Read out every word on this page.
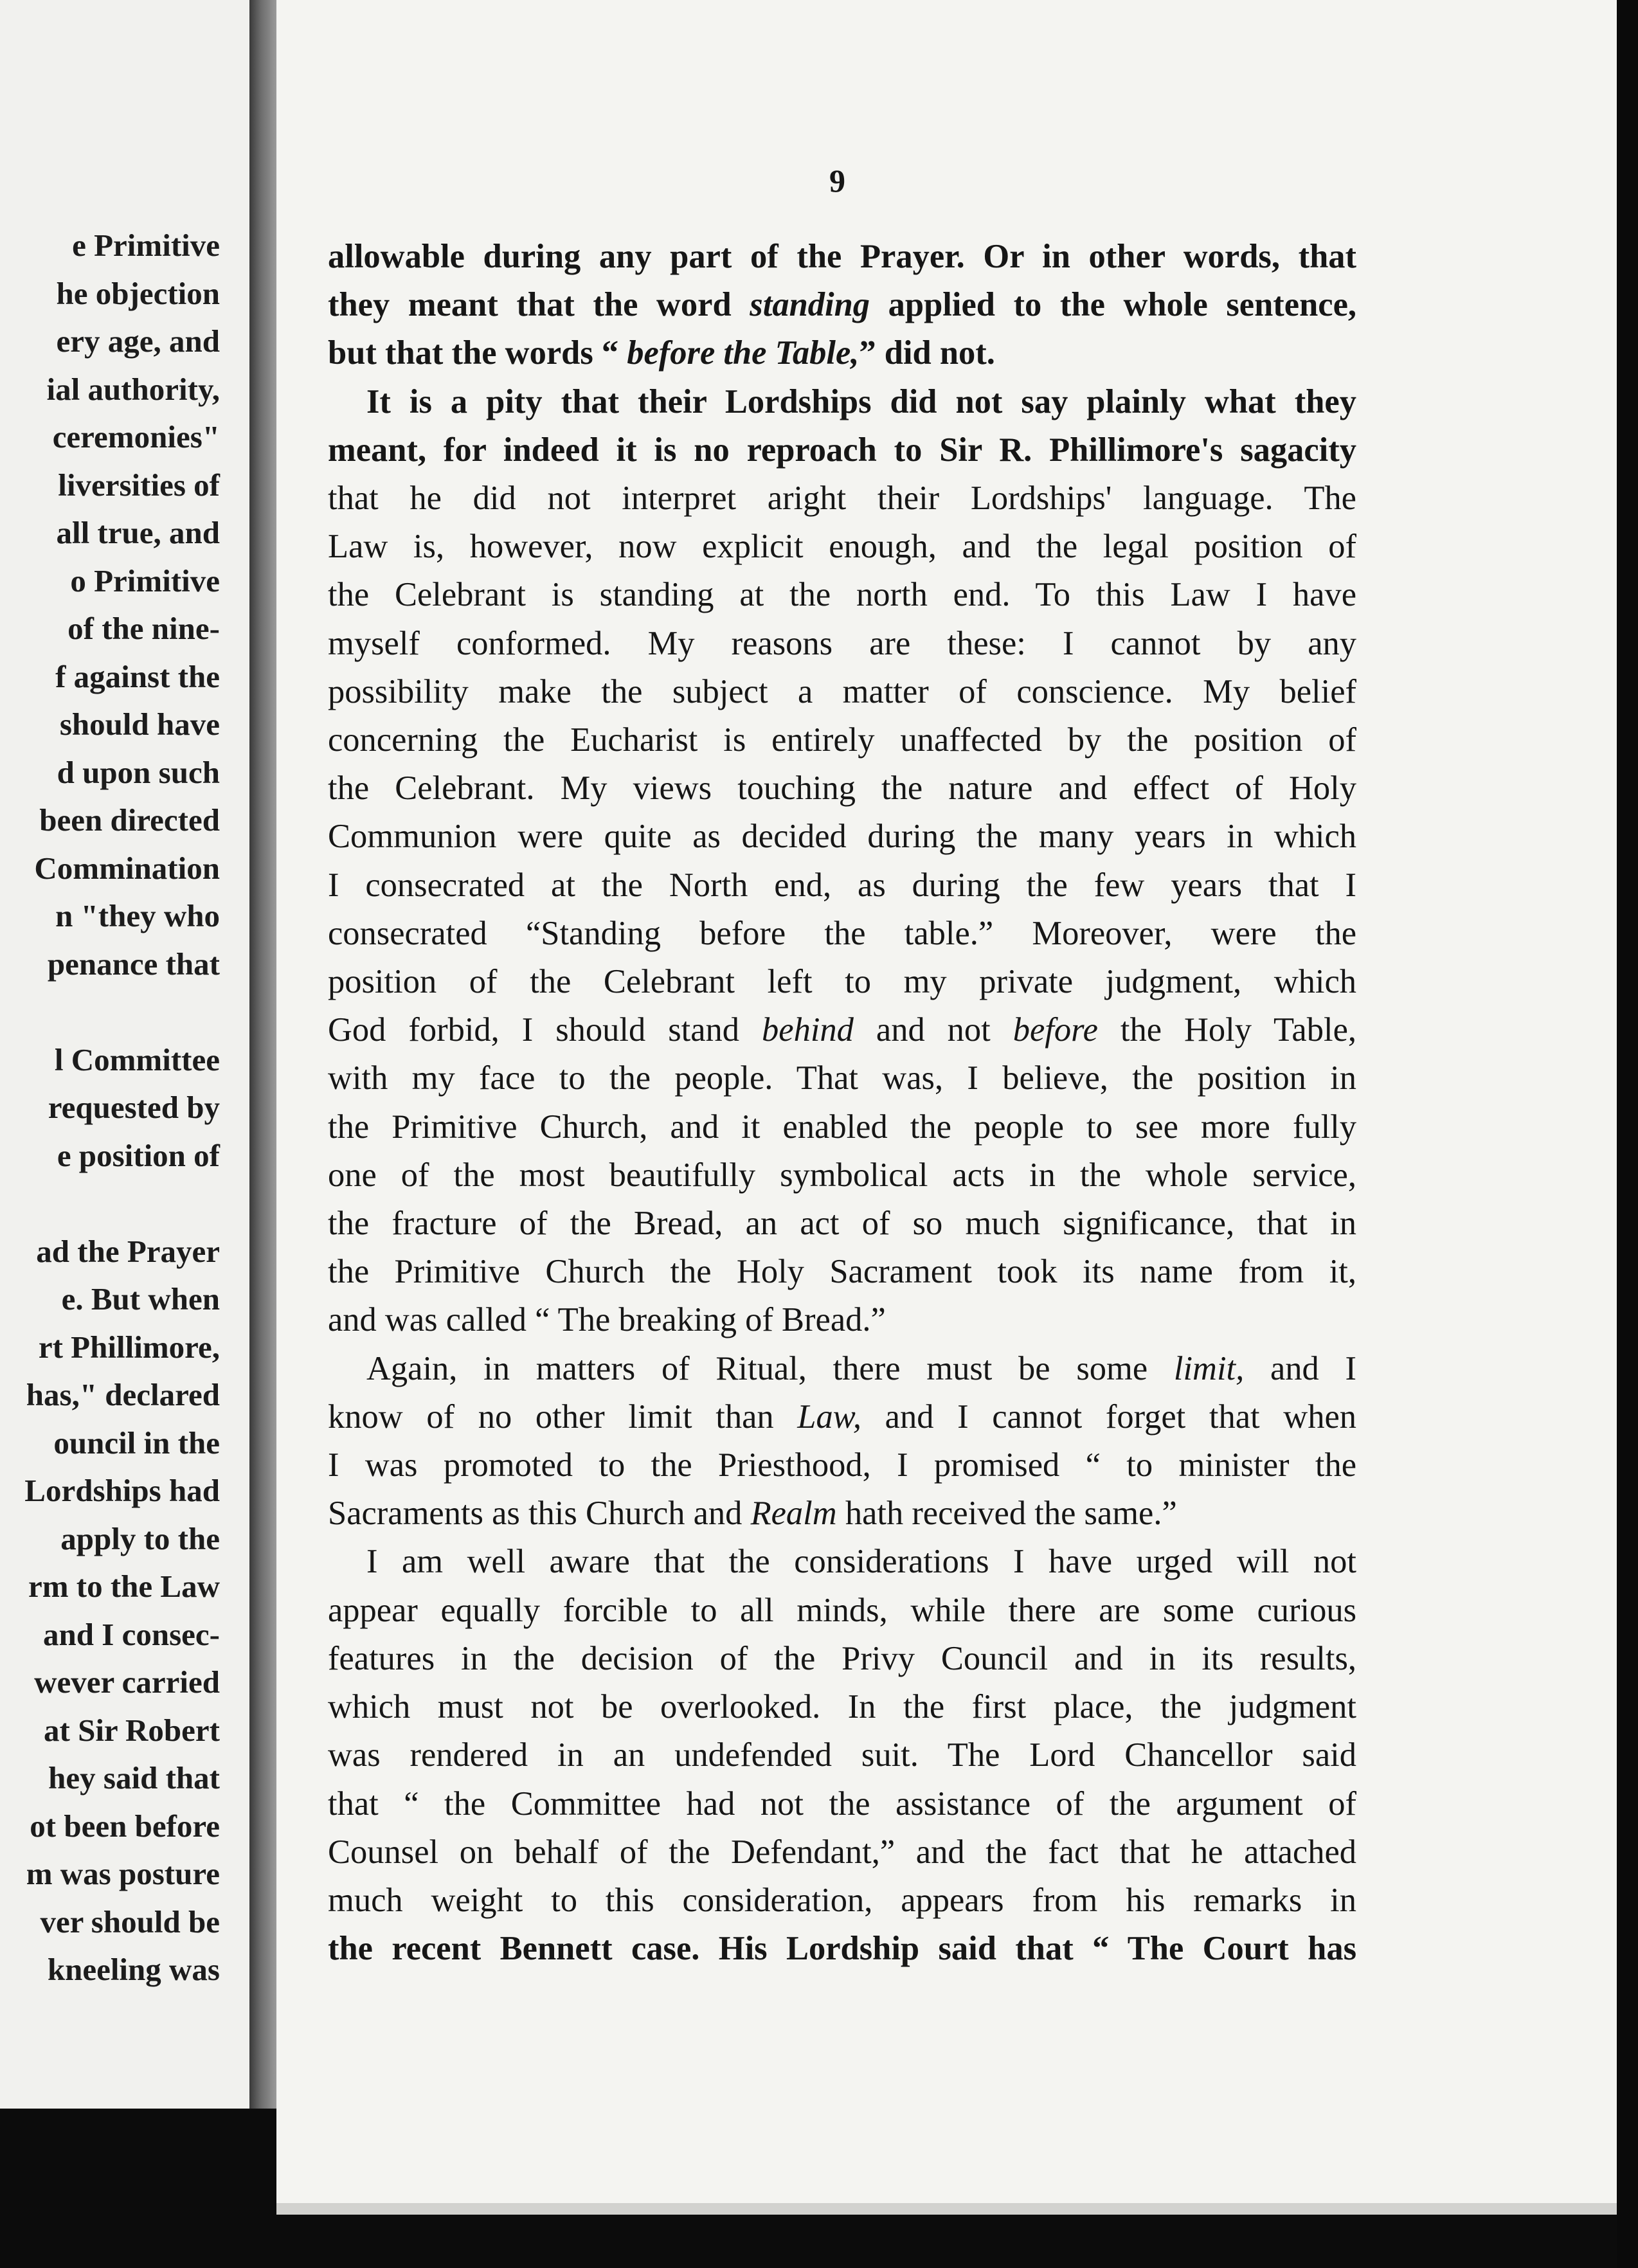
e Primitive
he objection
ery age, and
ial authority,
ceremonies"
liversities of
all true, and
o Primitive
of the nine-
f against the
should have
d upon such
been directed
Commination
n "they who
penance that

l Committee
requested by
e position of

ad the Prayer
e. But when
rt Phillimore,
has," declared
ouncil in the
Lordships had
apply to the
rm to the Law
and I consec-
wever carried
at Sir Robert
hey said that
ot been before
m was posture
ver should be
kneeling was
9
allowable during any part of the Prayer. Or in other words, that
they meant that the word standing applied to the whole sentence,
but that the words “ before the Table,” did not.
It is a pity that their Lordships did not say plainly what they
meant, for indeed it is no reproach to Sir R. Phillimore's sagacity
that he did not interpret aright their Lordships' language. The
Law is, however, now explicit enough, and the legal position of
the Celebrant is standing at the north end. To this Law I have
myself conformed. My reasons are these: I cannot by any
possibility make the subject a matter of conscience. My belief
concerning the Eucharist is entirely unaffected by the position of
the Celebrant. My views touching the nature and effect of Holy
Communion were quite as decided during the many years in which
I consecrated at the North end, as during the few years that I
consecrated “Standing before the table.” Moreover, were the
position of the Celebrant left to my private judgment, which
God forbid, I should stand behind and not before the Holy Table,
with my face to the people. That was, I believe, the position in
the Primitive Church, and it enabled the people to see more fully
one of the most beautifully symbolical acts in the whole service,
the fracture of the Bread, an act of so much significance, that in
the Primitive Church the Holy Sacrament took its name from it,
and was called “ The breaking of Bread.”
Again, in matters of Ritual, there must be some limit, and I
know of no other limit than Law, and I cannot forget that when
I was promoted to the Priesthood, I promised “ to minister the
Sacraments as this Church and Realm hath received the same.”
I am well aware that the considerations I have urged will not
appear equally forcible to all minds, while there are some curious
features in the decision of the Privy Council and in its results,
which must not be overlooked. In the first place, the judgment
was rendered in an undefended suit. The Lord Chancellor said
that “ the Committee had not the assistance of the argument of
Counsel on behalf of the Defendant,” and the fact that he attached
much weight to this consideration, appears from his remarks in
the recent Bennett case. His Lordship said that “ The Court has
